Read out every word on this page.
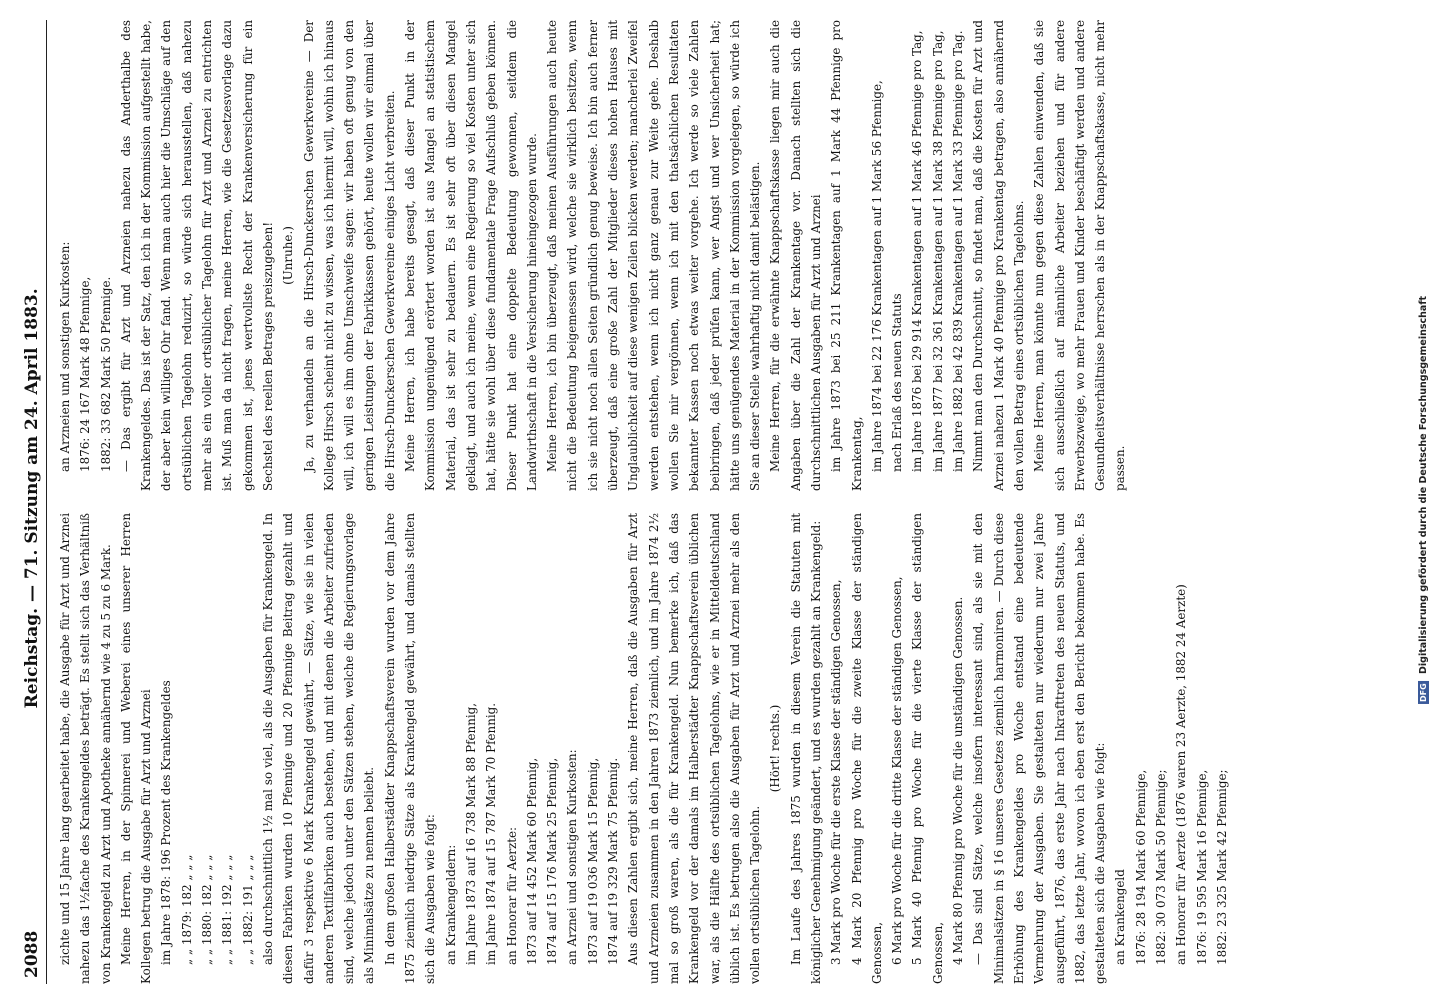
2088
Reichstag. — 71. Sitzung am 24. April 1883.

zichte und 15 Jahre lang gearbeitet habe, die Ausgabe für Arzt und Arznei nahezu das 1½fache des Krankengeldes beträgt. Es stellt sich das Verhältniß von Krankengeld zu Arzt und Apotheke annähernd wie 4 zu 5 zu 6 Mark. Meine Herren, in der Spinnerei und Weberei eines unserer Herren Kollegen betrug die Ausgabe für Arzt und Arznei im Jahre 1878: 196 Prozent des Krankengeldes „ „ 1879: 182 „ „ „ „ „ 1880: 182 „ „ „ „ „ 1881: 192 „ „ „ „ „ 1882: 191 „ „ „ also durchschnittlich 1½ mal so viel, als die Ausgaben für Krankengeld. In diesen Fabriken wurden 10 Pfennige und 20 Pfennige Beitrag gezahlt und dafür 3 respektive 6 Mark Krankengeld gewährt, — Sätze, wie sie in vielen anderen Textilfabriken auch bestehen, und mit denen die Arbeiter zufrieden sind, welche jedoch unter den Sätzen stehen, welche die Regierungsvorlage als Minimalsätze zu nennen beliebt. In dem großen Halberstädter Knappschaftsverein wurden vor dem Jahre 1875 ziemlich niedrige Sätze als Krankengeld gewährt, und damals stellten sich die Ausgaben wie folgt: an Krankengeldern: im Jahre 1873 auf 16 738 Mark 88 Pfennig, im Jahre 1874 auf 15 787 Mark 70 Pfennig. an Honorar für Aerzte: 1873 auf 14 452 Mark 60 Pfennig, 1874 auf 15 176 Mark 25 Pfennig, an Arznei und sonstigen Kurkosten: 1873 auf 19 036 Mark 15 Pfennig, 1874 auf 19 329 Mark 75 Pfennig. Aus diesen Zahlen ergibt sich, meine Herren, daß die Ausgaben für Arzt und Arzneien zusammen in den Jahren 1873 ziemlich, und im Jahre 1874 2½ mal so groß waren, als die für Krankengeld. Nun bemerke ich, daß das Krankengeld vor der damals im Halberstädter Knappschaftsverein üblichen war, als die Hälfte des ortsüblichen Tagelohns, wie er in Mitteldeutschland üblich ist. Es betrugen also die Ausgaben für Arzt und Arznei mehr als den vollen ortsüblichen Tagelohn.

(Hört! rechts.) Im Laufe des Jahres 1875 wurden in diesem Verein die Statuten mit königlicher Genehmigung geändert, und es wurden gezahlt an Krankengeld: 3 Mark pro Woche für die erste Klasse der ständigen Genossen, 4 Mark 20 Pfennig pro Woche für die zweite Klasse der ständigen Genossen, 6 Mark pro Woche für die dritte Klasse der ständigen Genossen, 5 Mark 40 Pfennig pro Woche für die vierte Klasse der ständigen Genossen, 4 Mark 80 Pfennig pro Woche für die unständigen Genossen. — Das sind Sätze, welche insofern interessant sind, als sie mit den Minimalsätzen in § 16 unseres Gesetzes ziemlich harmoniren. — Durch diese Erhöhung des Krankengeldes pro Woche entstand eine bedeutende Vermehrung der Ausgaben. Sie gestalteten nur wiederum nur zwei Jahre ausgeführt, 1876, das erste Jahr nach Inkrafttreten des neuen Statuts, und 1882, das letzte Jahr, wovon ich eben erst den Bericht bekommen habe. Es gestalteten sich die Ausgaben wie folgt: an Krankengeld 1876: 28 194 Mark 60 Pfennige, 1882: 30 073 Mark 50 Pfennige; an Honorar für Aerzte (1876 waren 23 Aerzte, 1882 24 Aerzte) 1876: 19 595 Mark 16 Pfennige, 1882: 23 325 Mark 42 Pfennige;

an Arzneien und sonstigen Kurkosten: 1876: 24 167 Mark 48 Pfennige, 1882: 33 682 Mark 50 Pfennige. — Das ergibt für Arzt und Arzneien nahezu das Anderthalbe des Krankengeldes. Das ist der Satz, den ich in der Kommission aufgestellt habe, der aber kein williges Ohr fand. Wenn man auch hier die Umschläge auf den ortsüblichen Tagelohn reduzirt, so würde sich herausstellen, daß nahezu mehr als ein voller ortsüblicher Tagelohn für Arzt und Arznei zu entrichten ist. Muß man da nicht fragen, meine Herren, wie die Gesetzesvorlage dazu gekommen ist, jenes wertvollste Recht der Krankenversicherung für ein Sechstel des reellen Betrages preiszugeben! (Unruhe.) Ja, zu verhandeln an die Hirsch-Dunckerschen Gewerkvereine — Der Kollege Hirsch scheint nicht zu wissen, was ich hiermit will, wohin ich hinaus will, ich will es ihm ohne Umschweife sagen: wir haben oft genug von den geringen Leistungen der Fabrikkassen gehört, heute wollen wir einmal über die Hirsch-Dunckerschen Gewerkvereine einiges Licht verbreiten. Meine Herren, ich habe bereits gesagt, daß dieser Punkt in der Kommission ungenügend erörtert worden ist aus Mangel an statistischem Material, das ist sehr zu bedauern. Es ist sehr oft über diesen Mangel geklagt, und auch ich meine, wenn eine Regierung so viel Kosten unter sich hat, hätte sie wohl über diese fundamentale Frage Aufschluß geben können. Dieser Punkt hat eine doppelte Bedeutung gewonnen, seitdem die Landwirthschaft in die Versicherung hineingezogen wurde. Meine Herren, ich bin überzeugt, daß meinen Ausführungen auch heute nicht die Bedeutung beigemessen wird, welche sie wirklich besitzen, wenn ich sie nicht noch allen Seiten gründlich genug beweise. Ich bin auch ferner überzeugt, daß eine große Zahl der Mitglieder dieses hohen Hauses mit Unglaublichkeit auf diese wenigen Zeilen blicken werden; mancherlei Zweifel werden entstehen, wenn ich nicht ganz genau zur Weite gehe. Deshalb wollen Sie mir vergönnen, wenn ich mit den thatsächlichen Resultaten bekannter Kassen noch etwas weiter vorgehe. Ich werde so viele Zahlen beibringen, daß jeder prüfen kann, wer Angst und wer Unsicherheit hat; hätte uns genügendes Material in der Kommission vorgelegen, so würde ich Sie an dieser Stelle wahrhaftig nicht damit belästigen. Meine Herren, für die erwähnte Knappschaftskasse liegen mir auch die Angaben über die Zahl der Krankentage vor. Danach stellten sich die durchschnittlichen Ausgaben für Arzt und Arznei im Jahre 1873 bei 25 211 Krankentagen auf 1 Mark 44 Pfennige pro Krankentag, im Jahre 1874 bei 22 176 Krankentagen auf 1 Mark 56 Pfennige, nach Erlaß des neuen Statuts im Jahre 1876 bei 29 914 Krankentagen auf 1 Mark 46 Pfennige pro Tag, im Jahre 1877 bei 32 361 Krankentagen auf 1 Mark 38 Pfennige pro Tag, im Jahre 1882 bei 42 839 Krankentagen auf 1 Mark 33 Pfennige pro Tag. Nimmt man den Durchschnitt, so findet man, daß die Kosten für Arzt und Arznei nahezu 1 Mark 40 Pfennige pro Krankentag betragen, also annähernd den vollen Betrag eines ortsüblichen Tagelohns. Meine Herren, man könnte nun gegen diese Zahlen einwenden, daß sie sich ausschließlich auf männliche Arbeiter beziehen und für andere Erwerbszweige, wo mehr Frauen und Kinder beschäftigt werden und andere Gesundheitsverhältnisse herrschen als in der Knappschaftskasse, nicht mehr passen.

DFG Digitalisierung gefördert durch die Deutsche Forschungsgemeinschaft
